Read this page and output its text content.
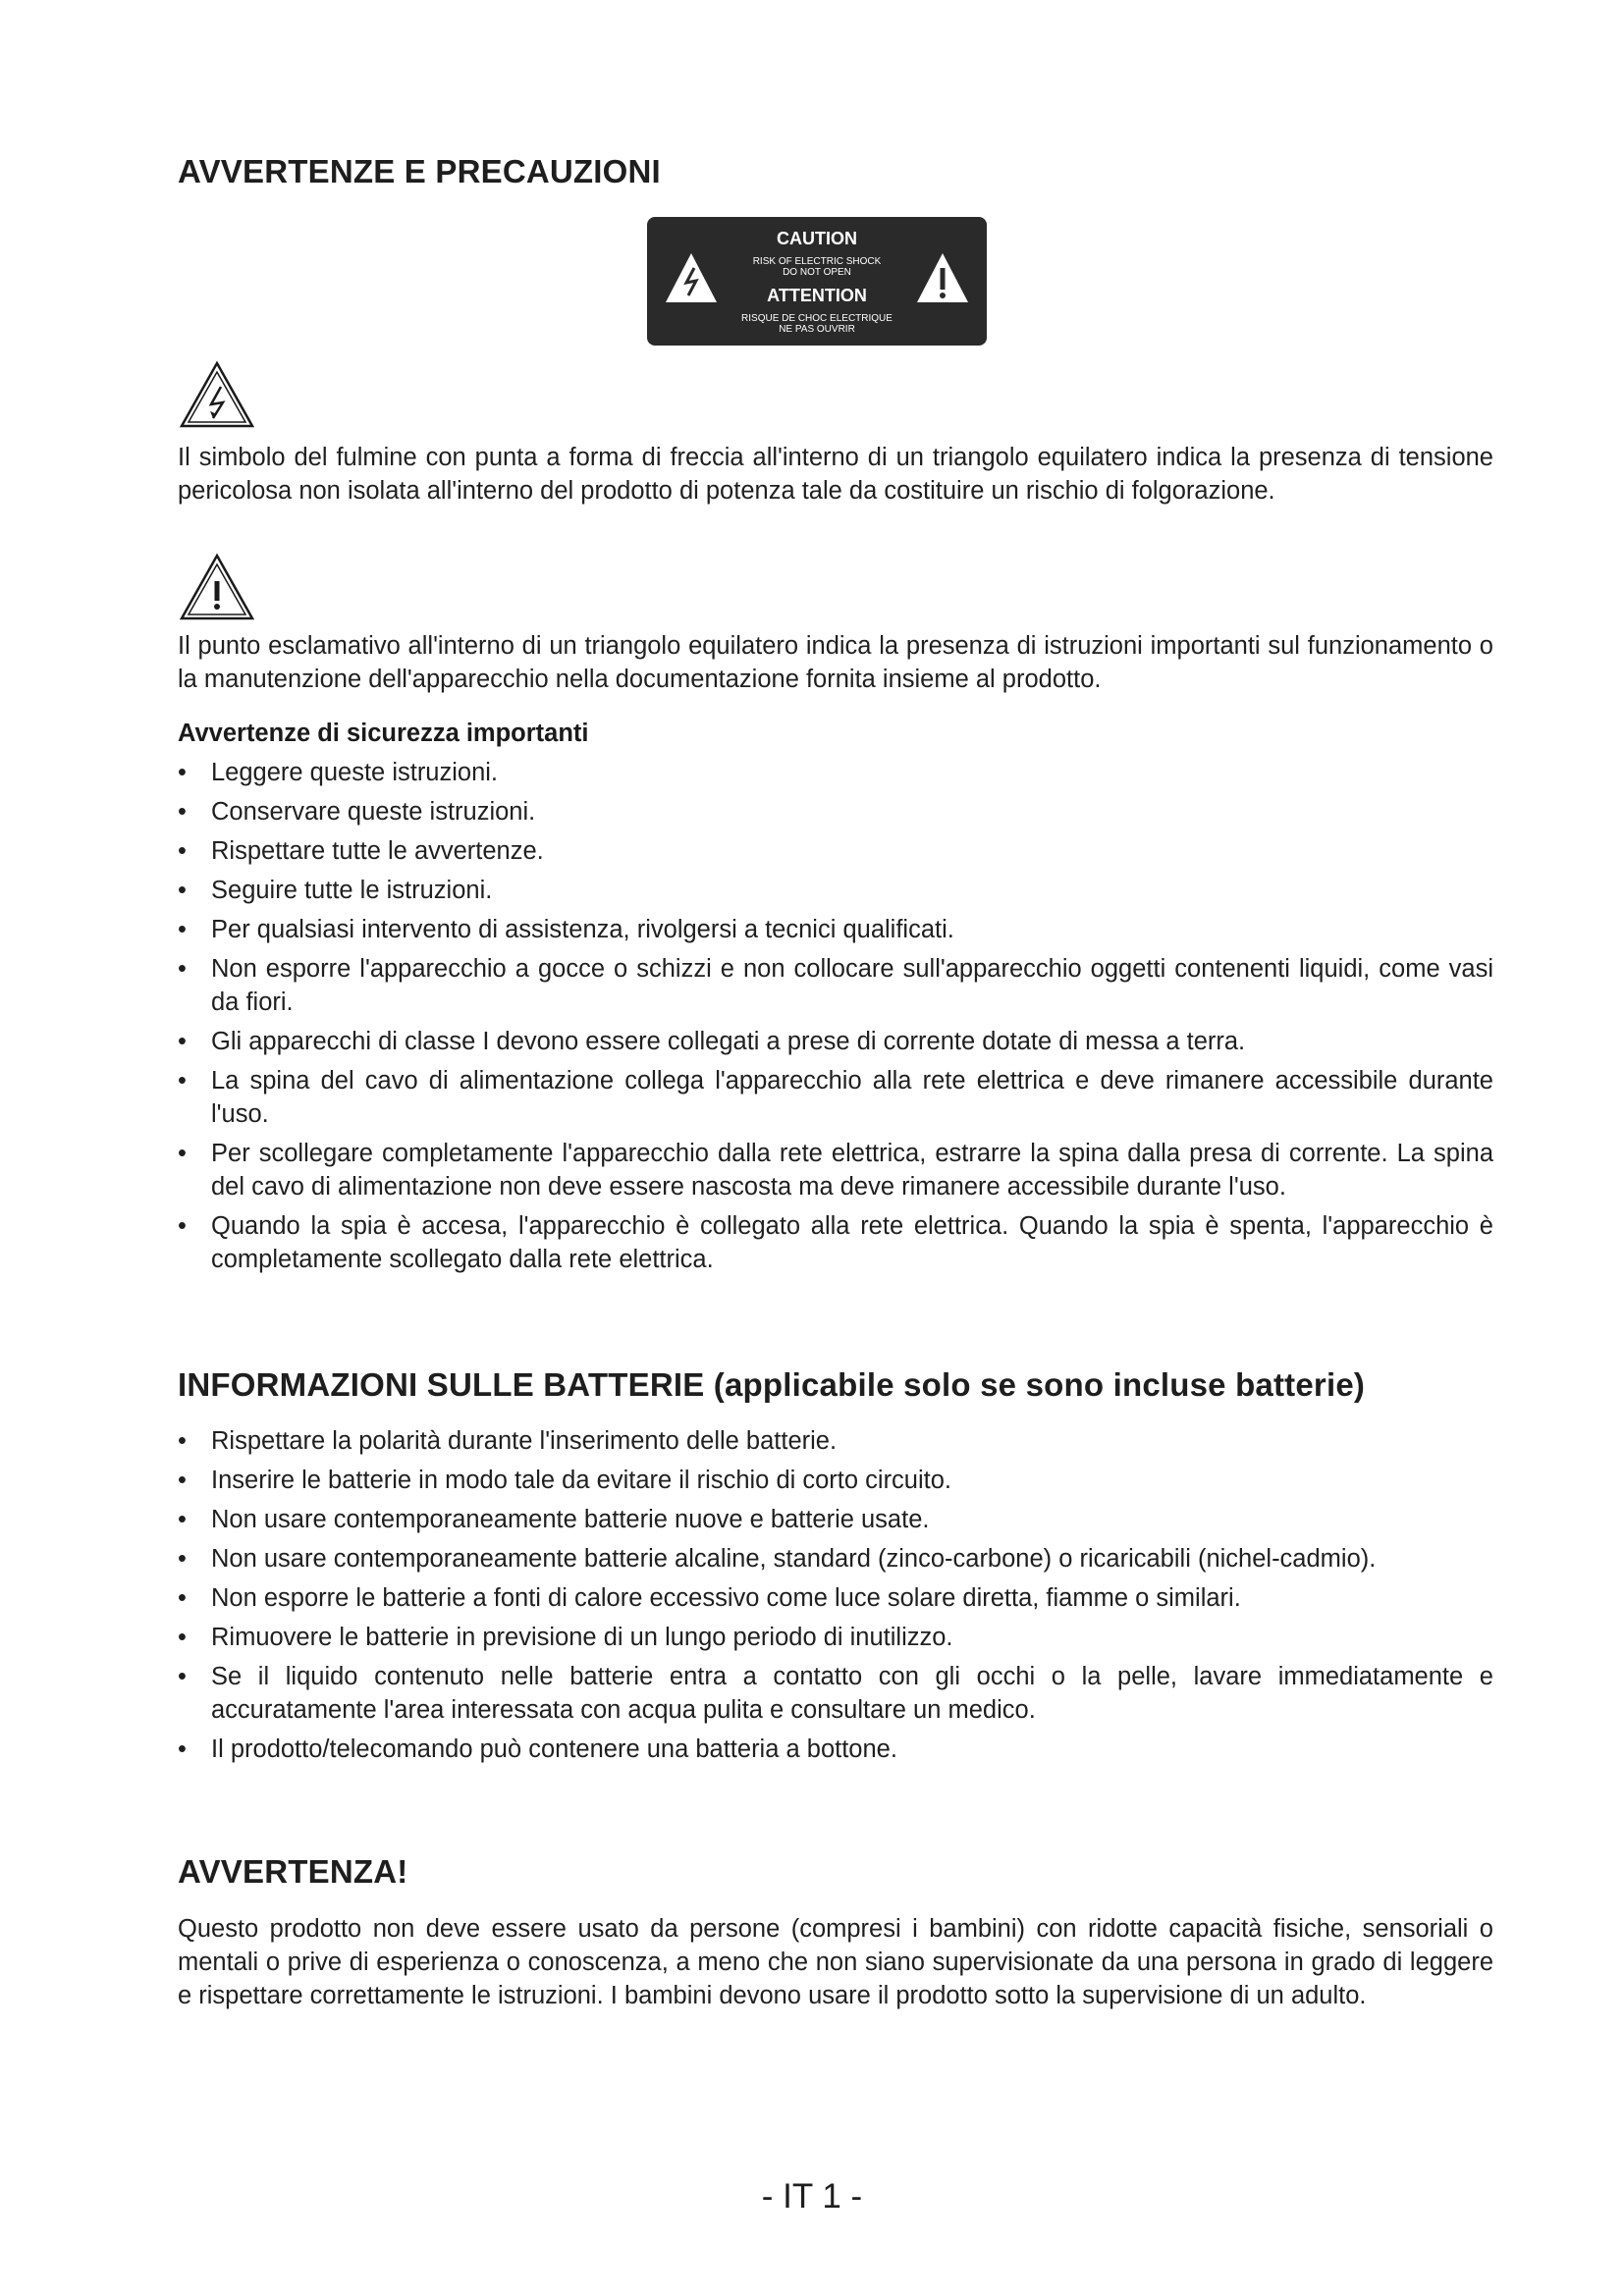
AVVERTENZE E PRECAUZIONI

Il simbolo del fulmine con punta a forma di freccia all'interno di un triangolo equilatero indica la presenza di tensione pericolosa non isolata all'interno del prodotto di potenza tale da costituire un rischio di folgorazione.

Il punto esclamativo all'interno di un triangolo equilatero indica la presenza di istruzioni importanti sul funzionamento o la manutenzione dell'apparecchio nella documentazione fornita insieme al prodotto.

Avvertenze di sicurezza importanti

• Leggere queste istruzioni.
• Conservare queste istruzioni.
• Rispettare tutte le avvertenze.
• Seguire tutte le istruzioni.
• Per qualsiasi intervento di assistenza, rivolgersi a tecnici qualificati.
• Non esporre l'apparecchio a gocce o schizzi e non collocare sull'apparecchio oggetti contenenti liquidi, come vasi da fiori.
• Gli apparecchi di classe I devono essere collegati a prese di corrente dotate di messa a terra.
• La spina del cavo di alimentazione collega l'apparecchio alla rete elettrica e deve rimanere accessibile durante l'uso.
• Per scollegare completamente l'apparecchio dalla rete elettrica, estrarre la spina dalla presa di corrente. La spina del cavo di alimentazione non deve essere nascosta ma deve rimanere accessibile durante l'uso.
• Quando la spia è accesa, l'apparecchio è collegato alla rete elettrica. Quando la spia è spenta, l'apparecchio è completamente scollegato dalla rete elettrica.
INFORMAZIONI SULLE BATTERIE (applicabile solo se sono incluse batterie)
• Rispettare la polarità durante l'inserimento delle batterie.
• Inserire le batterie in modo tale da evitare il rischio di corto circuito.
• Non usare contemporaneamente batterie nuove e batterie usate.
• Non usare contemporaneamente batterie alcaline, standard (zinco-carbone) o ricaricabili (nichel-cadmio).
• Non esporre le batterie a fonti di calore eccessivo come luce solare diretta, fiamme o similari.
• Rimuovere le batterie in previsione di un lungo periodo di inutilizzo.
• Se il liquido contenuto nelle batterie entra a contatto con gli occhi o la pelle, lavare immediatamente e accuratamente l'area interessata con acqua pulita e consultare un medico.
• Il prodotto/telecomando può contenere una batteria a bottone.
AVVERTENZA!

Questo prodotto non deve essere usato da persone (compresi i bambini) con ridotte capacità fisiche, sensoriali o mentali o prive di esperienza o conoscenza, a meno che non siano supervisionate da una persona in grado di leggere e rispettare correttamente le istruzioni. I bambini devono usare il prodotto sotto la supervisione di un adulto.

CAUTION
RISK OF ELECTRIC SHOCK
DO NOT OPEN
ATTENTION
RISQUE DE CHOC ELECTRIQUE
NE PAS OUVRIR
- IT 1 -
